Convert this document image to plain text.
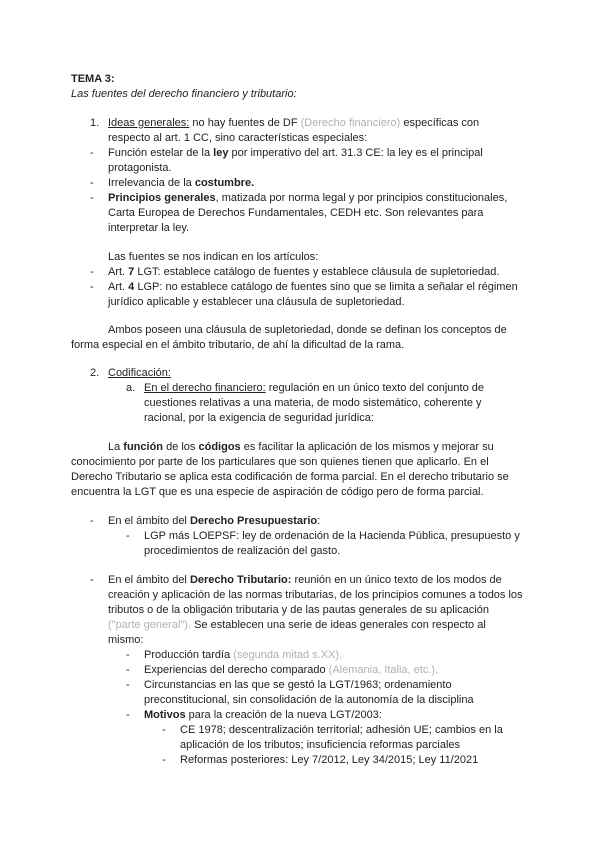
TEMA 3:
Las fuentes del derecho financiero y tributario:
1. Ideas generales: no hay fuentes de DF (Derecho financiero) específicas con
respecto al art. 1 CC, sino características especiales:
- Función estelar de la ley por imperativo del art. 31.3 CE: la ley es el principal
protagonista.
- Irrelevancia de la costumbre.
- Principios generales, matizada por norma legal y por principios constitucionales,
Carta Europea de Derechos Fundamentales, CEDH etc. Son relevantes para
interpretar la ley.
Las fuentes se nos indican en los artículos:
- Art. 7 LGT: establece catálogo de fuentes y establece cláusula de supletoriedad.
- Art. 4 LGP: no establece catálogo de fuentes sino que se limita a señalar el régimen
jurídico aplicable y establecer una cláusula de supletoriedad.
Ambos poseen una cláusula de supletoriedad, donde se definan los conceptos de
forma especial en el ámbito tributario, de ahí la dificultad de la rama.
2. Codificación:
a. En el derecho financiero: regulación en un único texto del conjunto de
cuestiones relativas a una materia, de modo sistemático, coherente y
racional, por la exigencia de seguridad jurídica:
La función de los códigos es facilitar la aplicación de los mismos y mejorar su
conocimiento por parte de los particulares que son quienes tienen que aplicarlo. En el
Derecho Tributario se aplica esta codificación de forma parcial. En el derecho tributario se
encuentra la LGT que es una especie de aspiración de código pero de forma parcial.
- En el ámbito del Derecho Presupuestario:
- LGP más LOEPSF: ley de ordenación de la Hacienda Pública, presupuesto y
procedimientos de realización del gasto.
- En el ámbito del Derecho Tributario: reunión en un único texto de los modos de
creación y aplicación de las normas tributarias, de los principios comunes a todos los
tributos o de la obligación tributaria y de las pautas generales de su aplicación
("parte general"). Se establecen una serie de ideas generales con respecto al
mismo:
- Producción tardía (segunda mitad s.XX).
- Experiencias del derecho comparado (Alemania, Italia, etc.).
- Circunstancias en las que se gestó la LGT/1963; ordenamiento
preconstitucional, sin consolidación de la autonomía de la disciplina
- Motivos para la creación de la nueva LGT/2003:
- CE 1978; descentralización territorial; adhesión UE; cambios en la
aplicación de los tributos; insuficiencia reformas parciales
- Reformas posteriores: Ley 7/2012, Ley 34/2015; Ley 11/2021
